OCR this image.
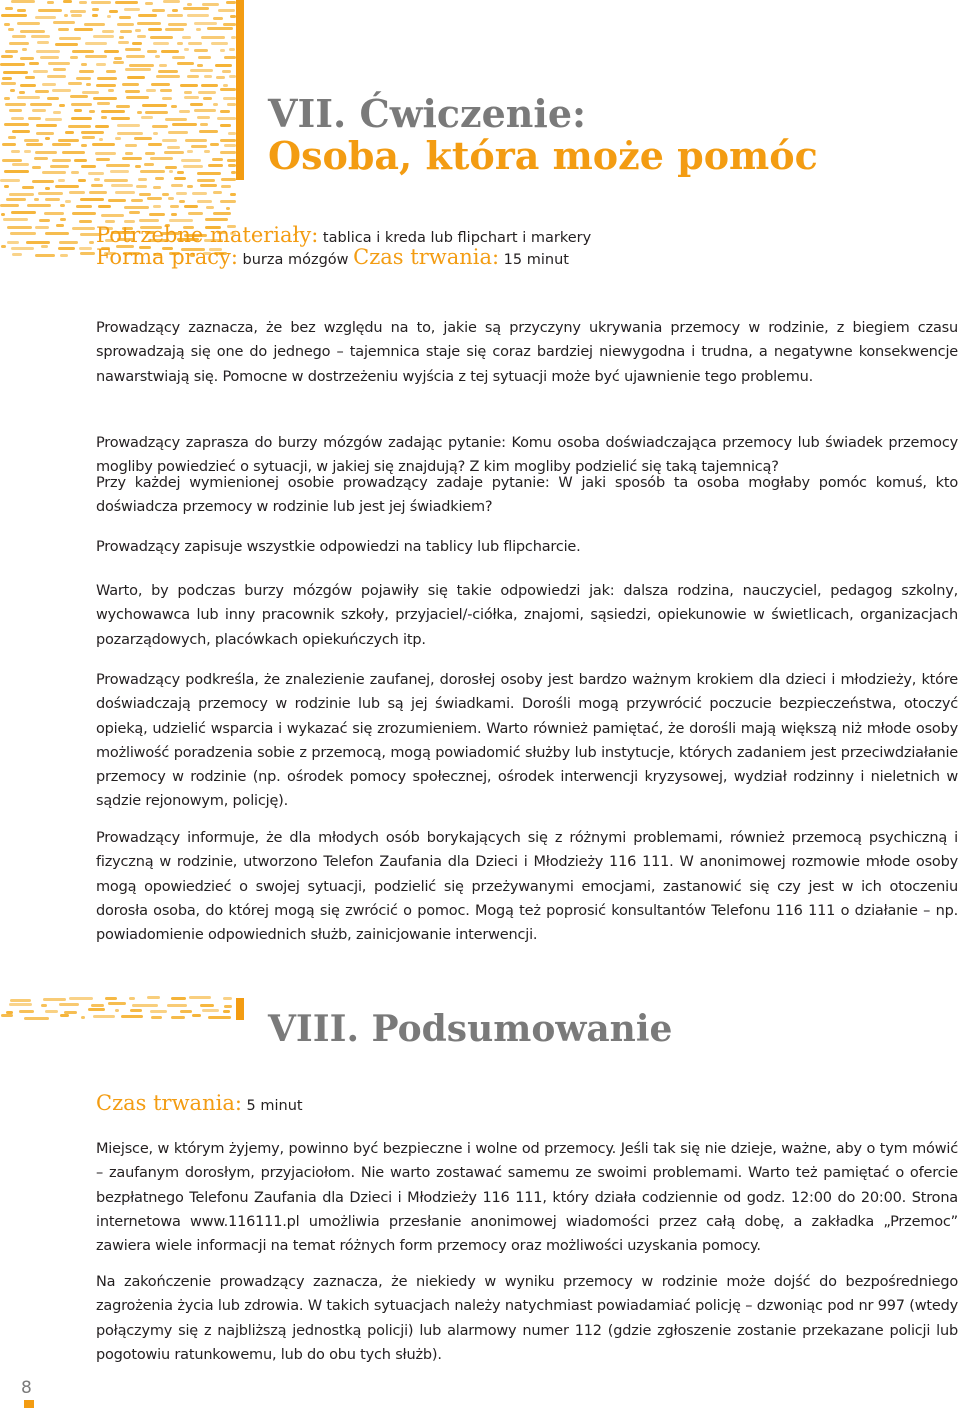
VII. Ćwiczenie:
Osoba, która może pomóc
Potrzebne materiały: tablica i kreda lub flipchart i markery
Forma pracy: burza mózgów Czas trwania: 15 minut

Prowadzący zaznacza, że bez względu na to, jakie są przyczyny ukrywania przemocy w rodzinie, z biegiem czasu sprowadzają się one do jednego – tajemnica staje się coraz bardziej niewygodna i trudna, a negatywne konsekwencje nawarstwiają się. Pomocne w dostrzeżeniu wyjścia z tej sytuacji może być ujawnienie tego problemu.

Prowadzący zaprasza do burzy mózgów zadając pytanie: Komu osoba doświadczająca przemocy lub świadek przemocy mogliby powiedzieć o sytuacji, w jakiej się znajdują? Z kim mogliby podzielić się taką tajemnicą?

Przy każdej wymienionej osobie prowadzący zadaje pytanie: W jaki sposób ta osoba mogłaby pomóc komuś, kto doświadcza przemocy w rodzinie lub jest jej świadkiem?

Prowadzący zapisuje wszystkie odpowiedzi na tablicy lub flipcharcie.

Warto, by podczas burzy mózgów pojawiły się takie odpowiedzi jak: dalsza rodzina, nauczyciel, pedagog szkolny, wychowawca lub inny pracownik szkoły, przyjaciel/-ciółka, znajomi, sąsiedzi, opiekunowie w świetlicach, organizacjach pozarządowych, placówkach opiekuńczych itp.

Prowadzący podkreśla, że znalezienie zaufanej, dorosłej osoby jest bardzo ważnym krokiem dla dzieci i młodzieży, które doświadczają przemocy w rodzinie lub są jej świadkami. Dorośli mogą przywrócić poczucie bezpieczeństwa, otoczyć opieką, udzielić wsparcia i wykazać się zrozumieniem. Warto również pamiętać, że dorośli mają większą niż młode osoby możliwość poradzenia sobie z przemocą, mogą powiadomić służby lub instytucje, których zadaniem jest przeciwdziałanie przemocy w rodzinie (np. ośrodek pomocy społecznej, ośrodek interwencji kryzysowej, wydział rodzinny i nieletnich w sądzie rejonowym, policję).

Prowadzący informuje, że dla młodych osób borykających się z różnymi problemami, również przemocą psychiczną i fizyczną w rodzinie, utworzono Telefon Zaufania dla Dzieci i Młodzieży 116 111. W anonimowej rozmowie młode osoby mogą opowiedzieć o swojej sytuacji, podzielić się przeżywanymi emocjami, zastanowić się czy jest w ich otoczeniu dorosła osoba, do której mogą się zwrócić o pomoc. Mogą też poprosić konsultantów Telefonu 116 111 o działanie – np. powiadomienie odpowiednich służb, zainicjowanie interwencji.

VIII. Podsumowanie
Czas trwania: 5 minut

Miejsce, w którym żyjemy, powinno być bezpieczne i wolne od przemocy. Jeśli tak się nie dzieje, ważne, aby o tym mówić – zaufanym dorosłym, przyjaciołom. Nie warto zostawać samemu ze swoimi problemami. Warto też pamiętać o ofercie bezpłatnego Telefonu Zaufania dla Dzieci i Młodzieży 116 111, który działa codziennie od godz. 12:00 do 20:00. Strona internetowa www.116111.pl umożliwia przesłanie anonimowej wiadomości przez całą dobę, a zakładka „Przemoc” zawiera wiele informacji na temat różnych form przemocy oraz możliwości uzyskania pomocy.

Na zakończenie prowadzący zaznacza, że niekiedy w wyniku przemocy w rodzinie może dojść do bezpośredniego zagrożenia życia lub zdrowia. W takich sytuacjach należy natychmiast powiadamiać policję – dzwoniąc pod nr 997 (wtedy połączymy się z najbliższą jednostką policji) lub alarmowy numer 112 (gdzie zgłoszenie zostanie przekazane policji lub pogotowiu ratunkowemu, lub do obu tych służb).

8
